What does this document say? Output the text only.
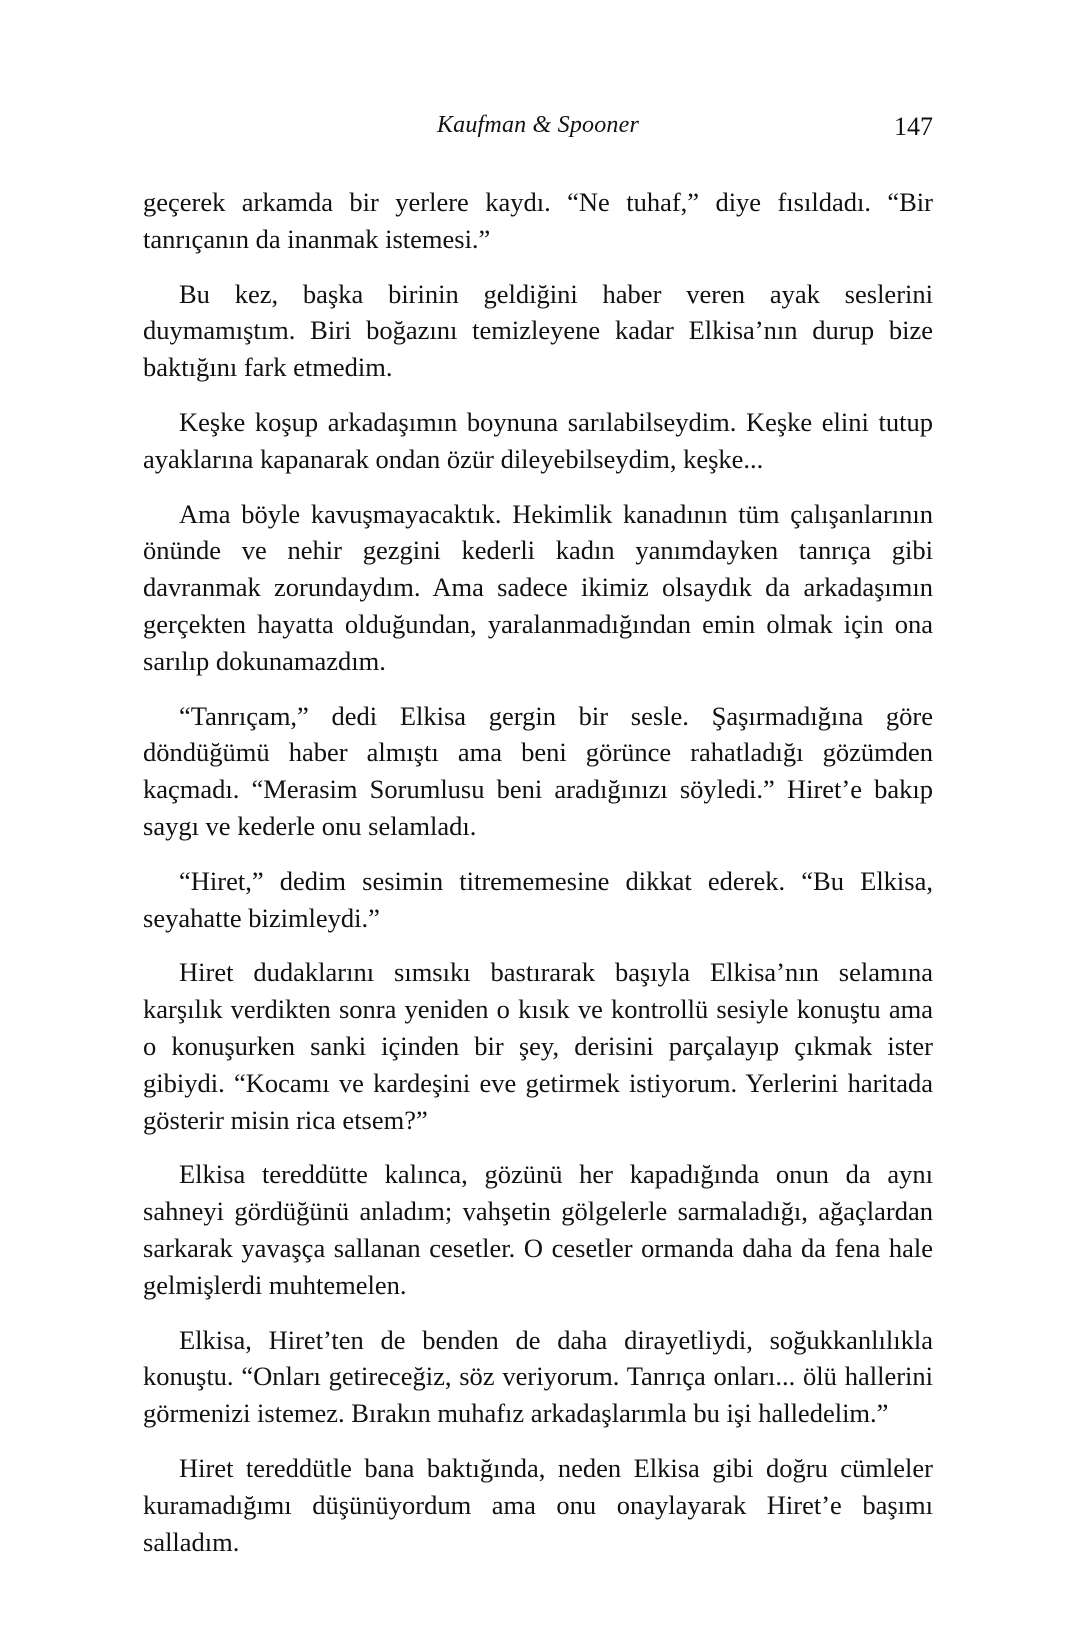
Kaufman & Spooner	147

geçerek arkamda bir yerlere kaydı. “Ne tuhaf,” diye fısıldadı. “Bir tanrıçanın da inanmak istemesi.”

Bu kez, başka birinin geldiğini haber veren ayak seslerini duymamıştım. Biri boğazını temizleyene kadar Elkisa’nın durup bize baktığını fark etmedim.

Keşke koşup arkadaşımın boynuna sarılabilseydim. Keşke elini tutup ayaklarına kapanarak ondan özür dileyebilseydim, keşke...

Ama böyle kavuşmayacaktık. Hekimlik kanadının tüm çalışanlarının önünde ve nehir gezgini kederli kadın yanımdayken tanrıça gibi davranmak zorundaydım. Ama sadece ikimiz olsaydık da arkadaşımın gerçekten hayatta olduğundan, yaralanmadığından emin olmak için ona sarılıp dokunamazdım.

“Tanrıçam,” dedi Elkisa gergin bir sesle. Şaşırmadığına göre döndüğümü haber almıştı ama beni görünce rahatladığı gözümden kaçmadı. “Merasim Sorumlusu beni aradığınızı söyledi.” Hiret’e bakıp saygı ve kederle onu selamladı.

“Hiret,” dedim sesimin titrememesine dikkat ederek. “Bu Elkisa, seyahatte bizimleydi.”

Hiret dudaklarını sımsıkı bastırarak başıyla Elkisa’nın selamına karşılık verdikten sonra yeniden o kısık ve kontrollü sesiyle konuştu ama o konuşurken sanki içinden bir şey, derisini parçalayıp çıkmak ister gibiydi. “Kocamı ve kardeşini eve getirmek istiyorum. Yerlerini haritada gösterir misin rica etsem?”

Elkisa tereddütte kalınca, gözünü her kapadığında onun da aynı sahneyi gördüğünü anladım; vahşetin gölgelerle sarmaladığı, ağaçlardan sarkarak yavaşça sallanan cesetler. O cesetler ormanda daha da fena hale gelmişlerdi muhtemelen.

Elkisa, Hiret’ten de benden de daha dirayetliydi, soğukkanlılıkla konuştu. “Onları getireceğiz, söz veriyorum. Tanrıça onları... ölü hallerini görmenizi istemez. Bırakın muhafız arkadaşlarımla bu işi halledelim.”

Hiret tereddütle bana baktığında, neden Elkisa gibi doğru cümleler kuramadığımı düşünüyordum ama onu onaylayarak Hiret’e başımı salladım.
